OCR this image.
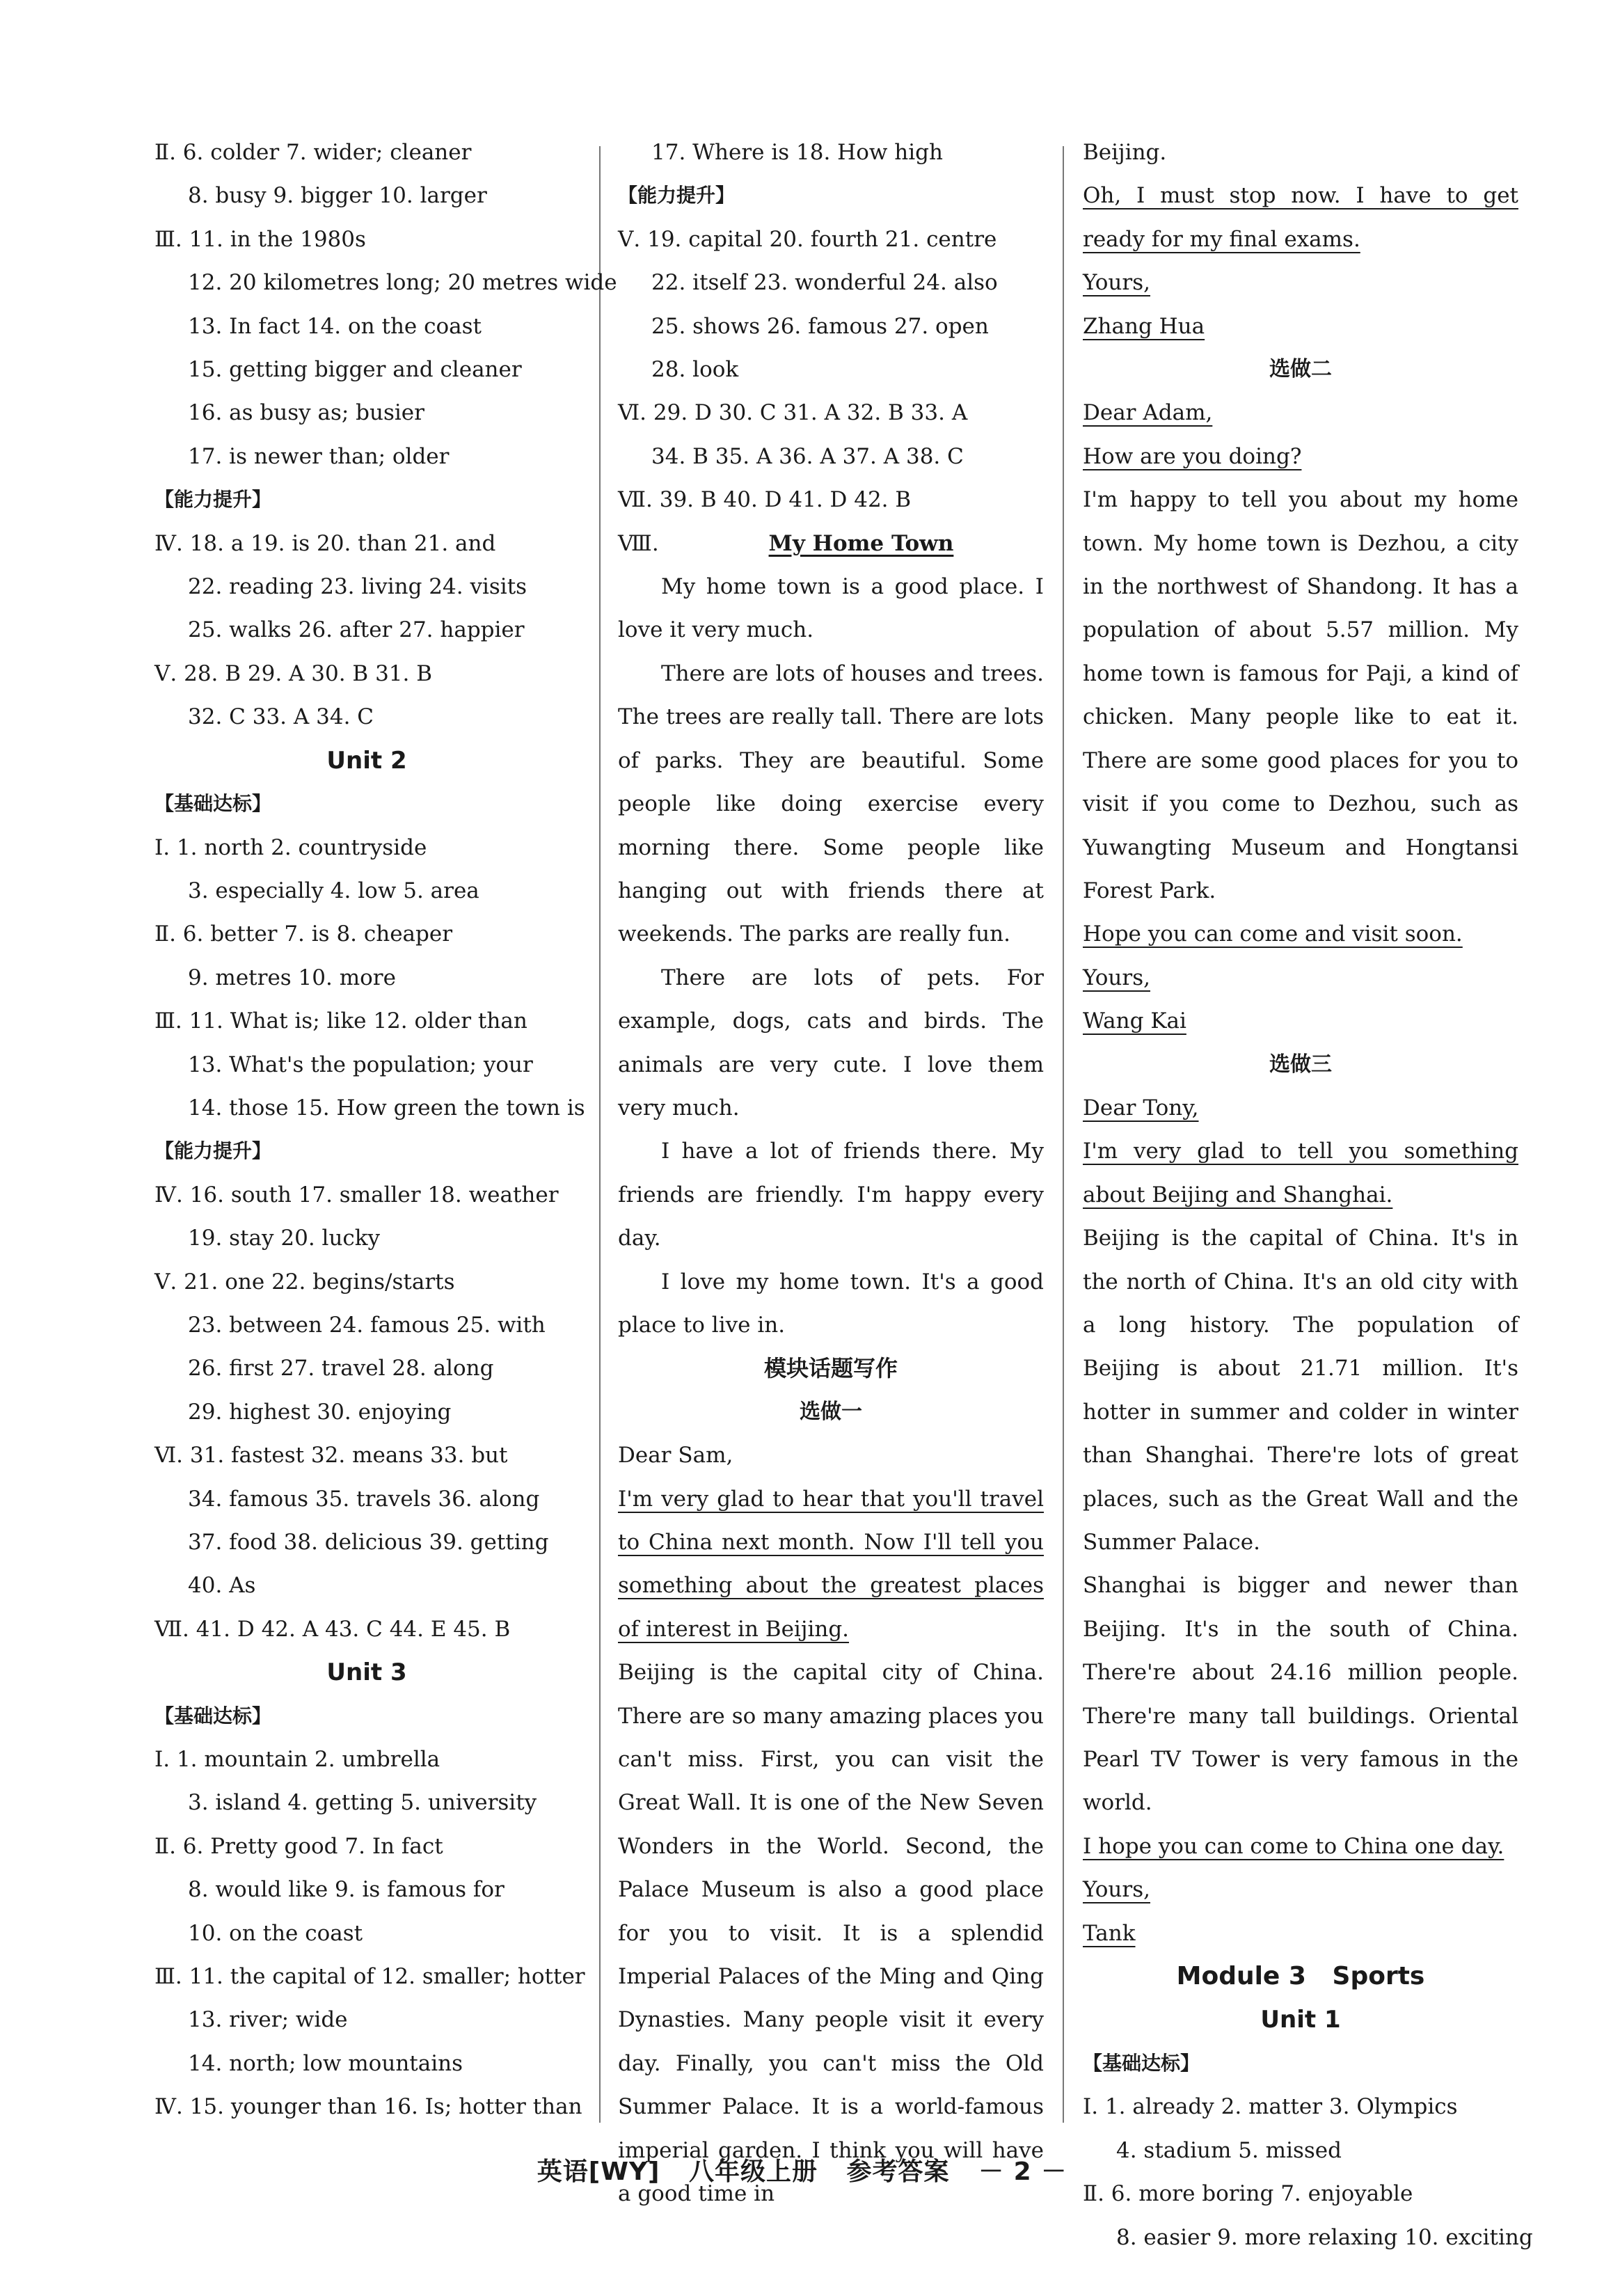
Ⅱ. 6. colder 7. wider; cleaner
8. busy 9. bigger 10. larger
Ⅲ. 11. in the 1980s
12. 20 kilometres long; 20 metres wide
13. In fact 14. on the coast
15. getting bigger and cleaner
16. as busy as; busier
17. is newer than; older
【能力提升】
Ⅳ. 18. a 19. is 20. than 21. and
22. reading 23. living 24. visits
25. walks 26. after 27. happier
Ⅴ. 28. B 29. A 30. B 31. B
32. C 33. A 34. C
Unit 2
【基础达标】
Ⅰ. 1. north 2. countryside
3. especially 4. low 5. area
Ⅱ. 6. better 7. is 8. cheaper
9. metres 10. more
Ⅲ. 11. What is; like 12. older than
13. What's the population; your
14. those 15. How green the town is
【能力提升】
Ⅳ. 16. south 17. smaller 18. weather
19. stay 20. lucky
Ⅴ. 21. one 22. begins/starts
23. between 24. famous 25. with
26. first 27. travel 28. along
29. highest 30. enjoying
Ⅵ. 31. fastest 32. means 33. but
34. famous 35. travels 36. along
37. food 38. delicious 39. getting
40. As
Ⅶ. 41. D 42. A 43. C 44. E 45. B
Unit 3
【基础达标】
Ⅰ. 1. mountain 2. umbrella
3. island 4. getting 5. university
Ⅱ. 6. Pretty good 7. In fact
8. would like 9. is famous for
10. on the coast
Ⅲ. 11. the capital of 12. smaller; hotter
13. river; wide
14. north; low mountains
Ⅳ. 15. younger than 16. Is; hotter than
17. Where is 18. How high
【能力提升】
Ⅴ. 19. capital 20. fourth 21. centre
22. itself 23. wonderful 24. also
25. shows 26. famous 27. open
28. look
Ⅵ. 29. D 30. C 31. A 32. B 33. A
34. B 35. A 36. A 37. A 38. C
Ⅶ. 39. B 40. D 41. D 42. B
Ⅷ.	My Home Town
My home town is a good place. I love it very much.
There are lots of houses and trees. The trees are really tall. There are lots of parks. They are beautiful. Some people like doing exercise every morning there. Some people like hanging out with friends there at weekends. The parks are really fun.
There are lots of pets. For example, dogs, cats and birds. The animals are very cute. I love them very much.
I have a lot of friends there. My friends are friendly. I'm happy every day.
I love my home town. It's a good place to live in.
模块话题写作
选做一
Dear Sam,
I'm very glad to hear that you'll travel to China next month. Now I'll tell you something about the greatest places of interest in Beijing.
Beijing is the capital city of China. There are so many amazing places you can't miss. First, you can visit the Great Wall. It is one of the New Seven Wonders in the World. Second, the Palace Museum is also a good place for you to visit. It is a splendid Imperial Palaces of the Ming and Qing Dynasties. Many people visit it every day. Finally, you can't miss the Old Summer Palace. It is a world-famous imperial garden. I think you will have a good time in
Beijing.
Oh, I must stop now. I have to get ready for my final exams.
Yours,
Zhang Hua
选做二
Dear Adam,
How are you doing?
I'm happy to tell you about my home town. My home town is Dezhou, a city in the northwest of Shandong. It has a population of about 5.57 million. My home town is famous for Paji, a kind of chicken. Many people like to eat it. There are some good places for you to visit if you come to Dezhou, such as Yuwangting Museum and Hongtansi Forest Park.
Hope you can come and visit soon.
Yours,
Wang Kai
选做三
Dear Tony,
I'm very glad to tell you something about Beijing and Shanghai.
Beijing is the capital of China. It's in the north of China. It's an old city with a long history. The population of Beijing is about 21.71 million. It's hotter in summer and colder in winter than Shanghai. There're lots of great places, such as the Great Wall and the Summer Palace.
Shanghai is bigger and newer than Beijing. It's in the south of China. There're about 24.16 million people. There're many tall buildings. Oriental Pearl TV Tower is very famous in the world.
I hope you can come to China one day.
Yours,
Tank
Module 3   Sports
Unit 1
【基础达标】
Ⅰ. 1. already 2. matter 3. Olympics
4. stadium 5. missed
Ⅱ. 6. more boring 7. enjoyable
8. easier 9. more relaxing 10. exciting
英语[WY] 八年级上册 参考答案 － 2 －
